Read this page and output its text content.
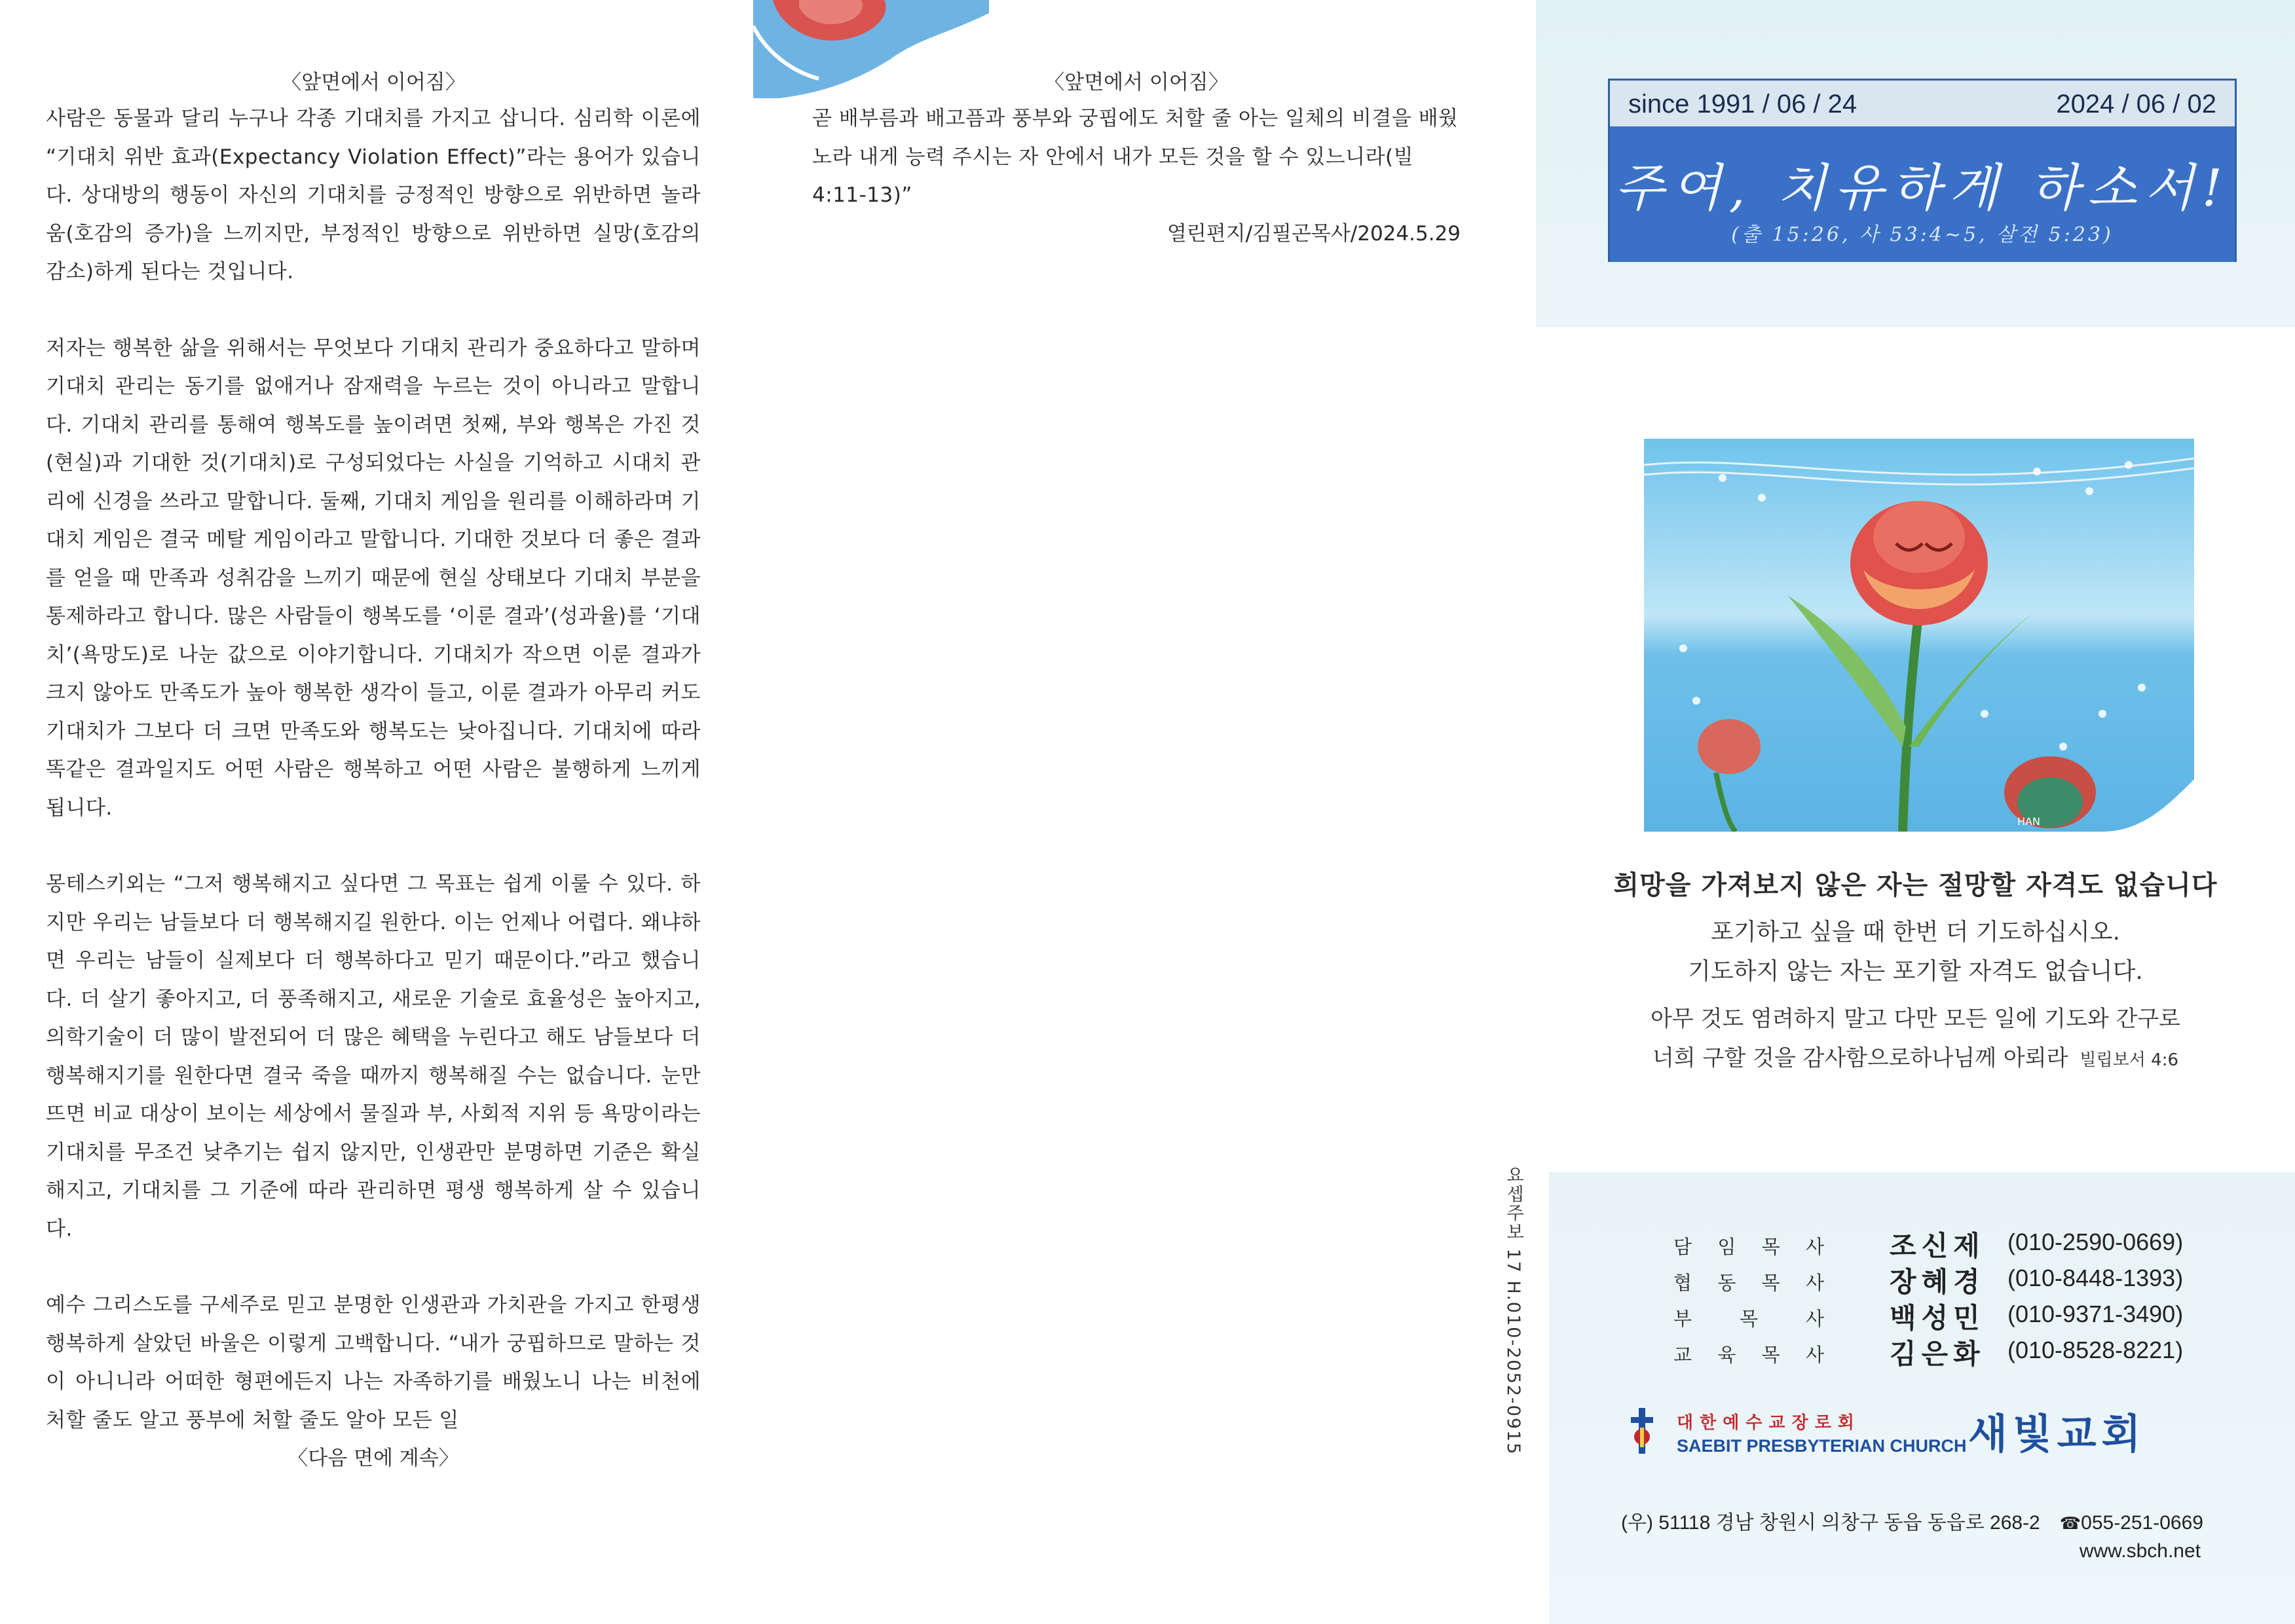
〈앞면에서 이어짐〉

사람은 동물과 달리 누구나 각종 기대치를 가지고 삽니다. 심리학 이론에 “기대치 위반 효과(Expectancy Violation Effect)”라는 용어가 있습니다. 상대방의 행동이 자신의 기대치를 긍정적인 방향으로 위반하면 놀라움(호감의 증가)을 느끼지만, 부정적인 방향으로 위반하면 실망(호감의 감소)하게 된다는 것입니다.

저자는 행복한 삶을 위해서는 무엇보다 기대치 관리가 중요하다고 말하며 기대치 관리는 동기를 없애거나 잠재력을 누르는 것이 아니라고 말합니다. 기대치 관리를 통해여 행복도를 높이려면 첫째, 부와 행복은 가진 것(현실)과 기대한 것(기대치)로 구성되었다는 사실을 기억하고 시대치 관리에 신경을 쓰라고 말합니다. 둘째, 기대치 게임을 원리를 이해하라며 기대치 게임은 결국 메탈 게임이라고 말합니다. 기대한 것보다 더 좋은 결과를 얻을 때 만족과 성취감을 느끼기 때문에 현실 상태보다 기대치 부분을 통제하라고 합니다. 많은 사람들이 행복도를 ‘이룬 결과’(성과율)를 ‘기대치’(욕망도)로 나눈 값으로 이야기합니다. 기대치가 작으면 이룬 결과가 크지 않아도 만족도가 높아 행복한 생각이 들고, 이룬 결과가 아무리 커도 기대치가 그보다 더 크면 만족도와 행복도는 낮아집니다. 기대치에 따라 똑같은 결과일지도 어떤 사람은 행복하고 어떤 사람은 불행하게 느끼게 됩니다.

몽테스키외는 “그저 행복해지고 싶다면 그 목표는 쉽게 이룰 수 있다. 하지만 우리는 남들보다 더 행복해지길 원한다. 이는 언제나 어렵다. 왜냐하면 우리는 남들이 실제보다 더 행복하다고 믿기 때문이다.”라고 했습니다. 더 살기 좋아지고, 더 풍족해지고, 새로운 기술로 효율성은 높아지고, 의학기술이 더 많이 발전되어 더 많은 혜택을 누린다고 해도 남들보다 더 행복해지기를 원한다면 결국 죽을 때까지 행복해질 수는 없습니다. 눈만 뜨면 비교 대상이 보이는 세상에서 물질과 부, 사회적 지위 등 욕망이라는 기대치를 무조건 낮추기는 쉽지 않지만, 인생관만 분명하면 기준은 확실해지고, 기대치를 그 기준에 따라 관리하면 평생 행복하게 살 수 있습니다.

예수 그리스도를 구세주로 믿고 분명한 인생관과 가치관을 가지고 한평생 행복하게 살았던 바울은 이렇게 고백합니다. “내가 궁핍하므로 말하는 것이 아니니라 어떠한 형편에든지 나는 자족하기를 배웠노니 나는 비천에 처할 줄도 알고 풍부에 처할 줄도 알아 모든 일

〈다음 면에 계속〉
〈앞면에서 이어짐〉

곧 배부름과 배고픔과 풍부와 궁핍에도 처할 줄 아는 일체의 비결을 배웠노라 내게 능력 주시는 자 안에서 내가 모든 것을 할 수 있느니라(빌4:11-13)”

열린편지/김필곤목사/2024.5.29
요셉주보 17 H.010-2052-0915
since 1991 / 06 / 24	2024 / 06 / 02
주여, 치유하게 하소서!
(출 15:26, 사 53:4~5, 살전 5:23)
HAN
희망을 가져보지 않은 자는 절망할 자격도 없습니다
포기하고 싶을 때 한번 더 기도하십시오.
기도하지 않는 자는 포기할 자격도 없습니다.
아무 것도 염려하지 말고 다만 모든 일에 기도와 간구로
너희 구할 것을 감사함으로하나님께 아뢰라 빌립보서 4:6
담 임 목 사 조신제 (010-2590-0669)
협 동 목 사 장혜경 (010-8448-1393)
부	목	사 백성민 (010-9371-3490)
교 육 목 사 김은화 (010-8528-8221)
대한예수교장로회
SAEBIT PRESBYTERIAN CHURCH 새빛교회
(우) 51118 경남 창원시 의창구 동읍 동읍로 268-2 ☎055-251-0669
www.sbch.net
